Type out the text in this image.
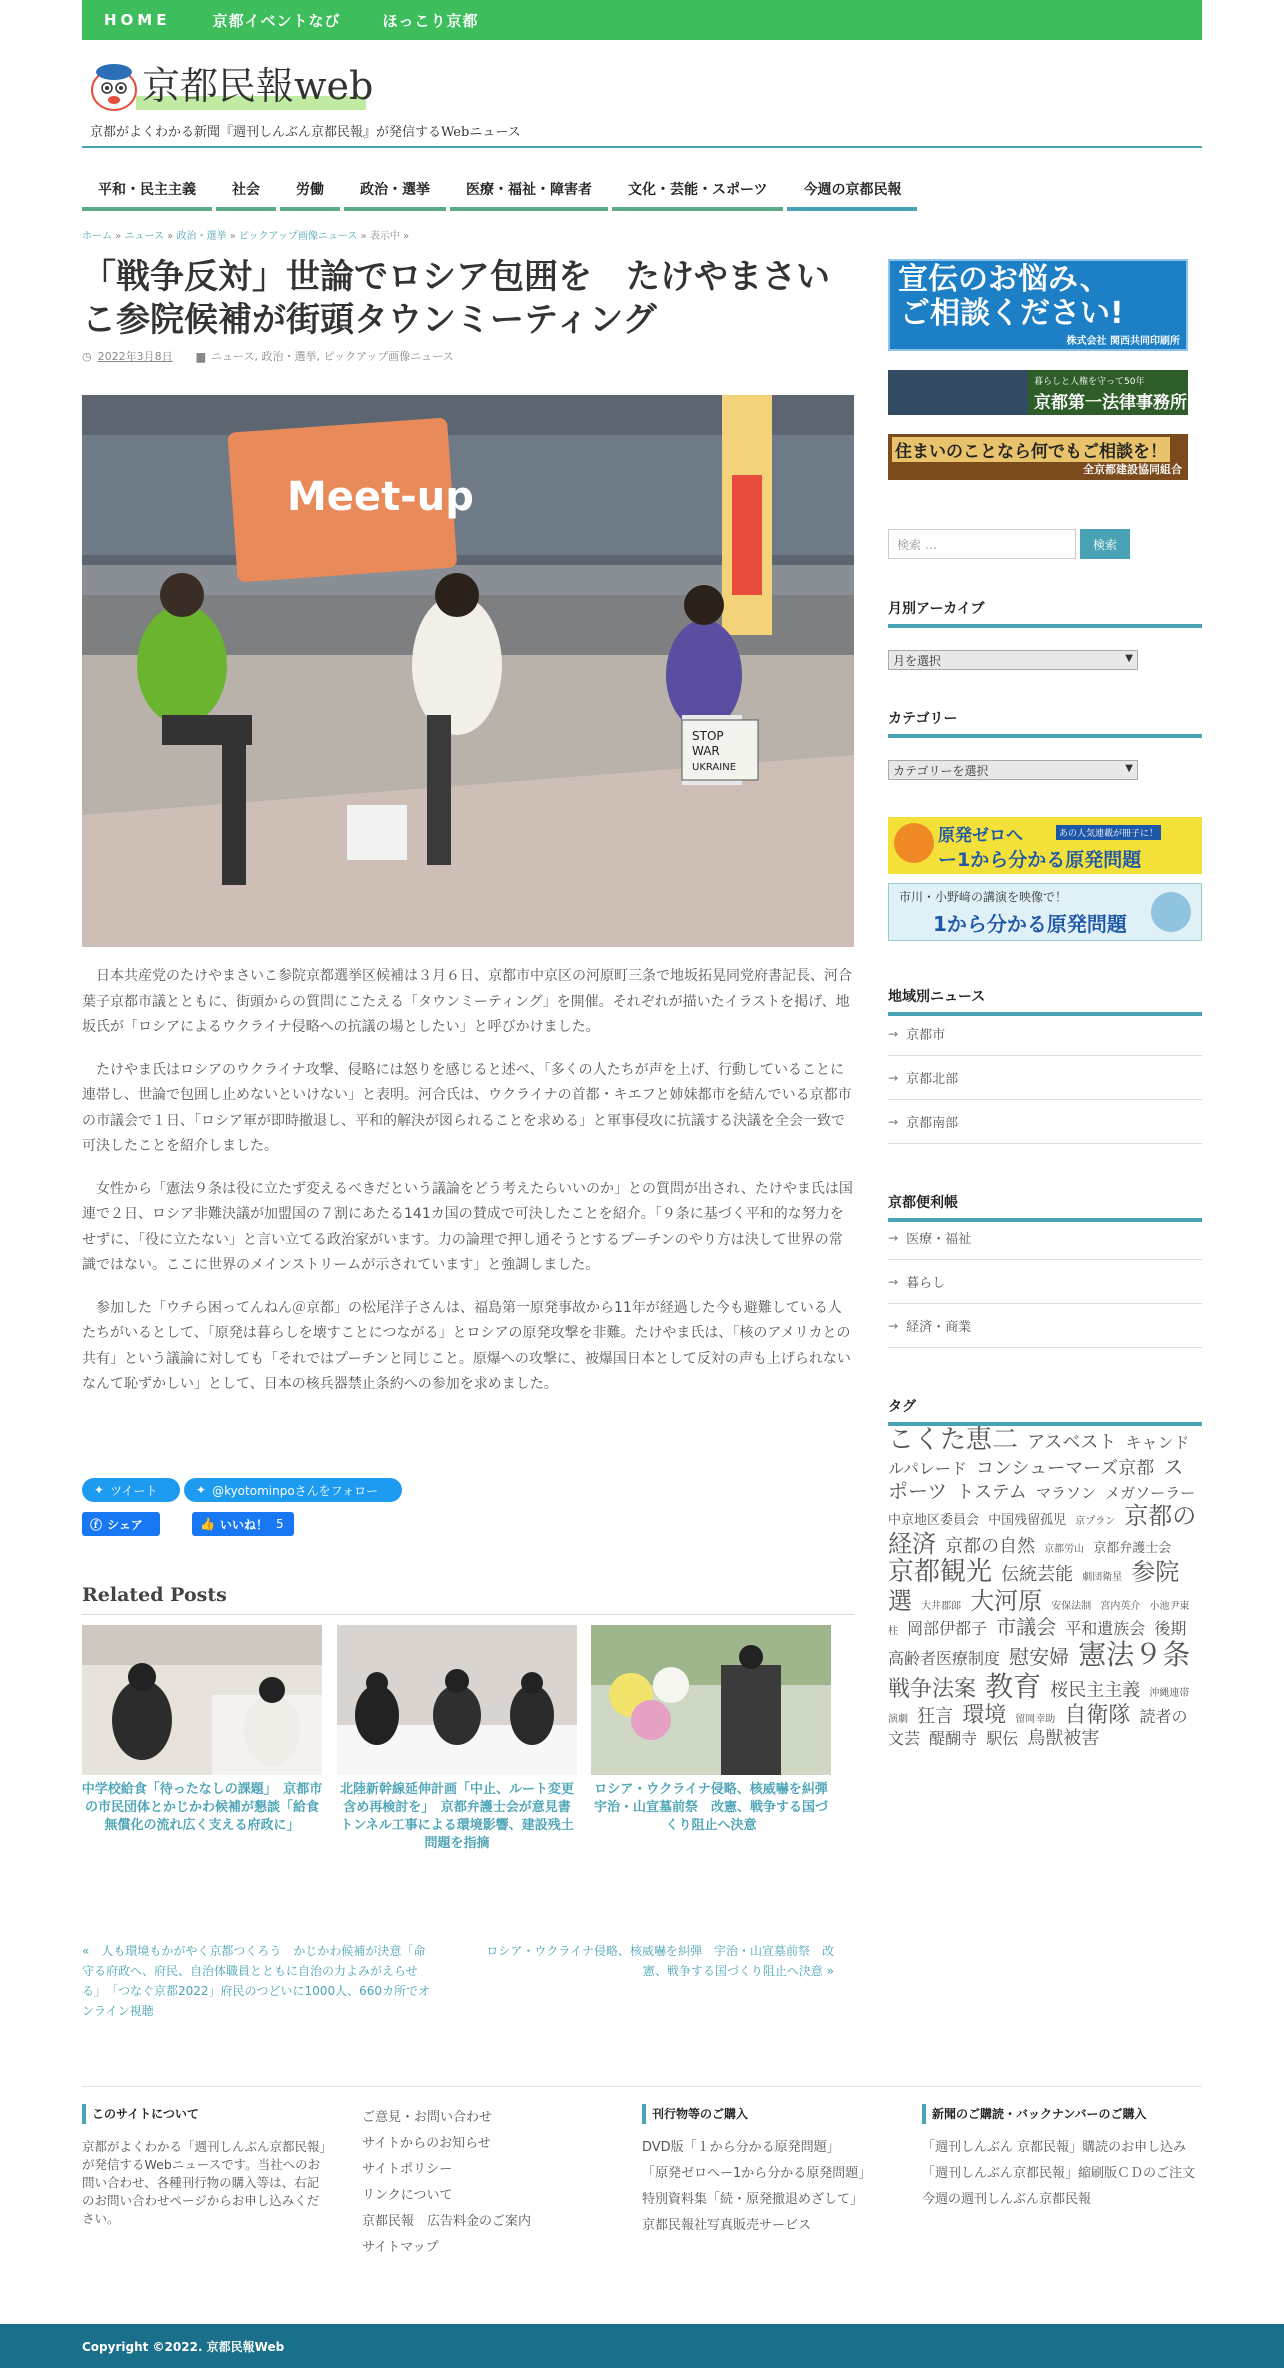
HOME	京都イベントなび	ほっこり京都
京都民報web
京都がよくわかる新聞『週刊しんぶん京都民報』が発信するWebニュース
平和・民主主義	社会	労働	政治・選挙	医療・福祉・障害者	文化・芸能・スポーツ	今週の京都民報
ホーム » ニュース » 政治・選挙 » ピックアップ画像ニュース » 表示中 »
「戦争反対」世論でロシア包囲を　たけやまさいこ参院候補が街頭タウンミーティング
◷ 2022年3月8日 ▆ ニュース, 政治・選挙, ピックアップ画像ニュース
Meet-up
STOP
WAR
UKRAINE

日本共産党のたけやまさいこ参院京都選挙区候補は３月６日、京都市中京区の河原町三条で地坂拓晃同党府書記長、河合葉子京都市議とともに、街頭からの質問にこたえる「タウンミーティング」を開催。それぞれが描いたイラストを掲げ、地坂氏が「ロシアによるウクライナ侵略への抗議の場としたい」と呼びかけました。

たけやま氏はロシアのウクライナ攻撃、侵略には怒りを感じると述べ、「多くの人たちが声を上げ、行動していることに連帯し、世論で包囲し止めないといけない」と表明。河合氏は、ウクライナの首都・キエフと姉妹都市を結んでいる京都市の市議会で１日、「ロシア軍が即時撤退し、平和的解決が図られることを求める」と軍事侵攻に抗議する決議を全会一致で可決したことを紹介しました。

女性から「憲法９条は役に立たず変えるべきだという議論をどう考えたらいいのか」との質問が出され、たけやま氏は国連で２日、ロシア非難決議が加盟国の７割にあたる141カ国の賛成で可決したことを紹介。「９条に基づく平和的な努力をせずに、「役に立たない」と言い立てる政治家がいます。力の論理で押し通そうとするプーチンのやり方は決して世界の常識ではない。ここに世界のメインストリームが示されています」と強調しました。

参加した「ウチら困ってんねん＠京都」の松尾洋子さんは、福島第一原発事故から11年が経過した今も避難している人たちがいるとして、「原発は暮らしを壊すことにつながる」とロシアの原発攻撃を非難。たけやま氏は、「核のアメリカとの共有」という議論に対しても「それではプーチンと同じこと。原爆への攻撃に、被爆国日本として反対の声も上げられないなんて恥ずかしい」として、日本の核兵器禁止条約への参加を求めました。

✦ ツイート	✦ @kyotominpoさんをフォロー
ⓕ シェア	👍 いいね！ 5
Related Posts
中学校給食「待ったなしの課題」　京都市の市民団体とかじかわ候補が懇談「給食無償化の流れ広く支える府政に」
北陸新幹線延伸計画「中止、ルート変更含め再検討を」　京都弁護士会が意見書　トンネル工事による環境影響、建設残土問題を指摘
ロシア・ウクライナ侵略、核威嚇を糾弾　宇治・山宣墓前祭　改憲、戦争する国づくり阻止へ決意
«　人も環境もかがやく京都つくろう　かじかわ候補が決意「命守る府政へ、府民、自治体職員とともに自治の力よみがえらせる」　「つなぐ京都2022」府民のつどいに1000人、660カ所でオンライン視聴
ロシア・ウクライナ侵略、核威嚇を糾弾　宇治・山宣墓前祭　改憲、戦争する国づくり阻止へ決意 »
宣伝のお悩み、
ご相談ください!
株式会社 関西共同印刷所
暮らしと人権を守って50年
京都第一法律事務所
住まいのことなら何でもご相談を！
全京都建設協同組合
検索 …	検索
月別アーカイブ
月を選択	▼
カテゴリー
カテゴリーを選択	▼
原発ゼロへ	あの人気連載が冊子に！
ー1から分かる原発問題
市川・小野﨑の講演を映像で！
1から分かる原発問題
地域別ニュース
→ 京都市
→ 京都北部
→ 京都南部
京都便利帳
→ 医療・福祉
→ 暮らし
→ 経済・商業
タグ
こくた恵二 アスベスト キャンドルパレード コンシューマーズ京都 スポーツ トステム マラソン メガソーラー 中京地区委員会 中国残留孤児 京プラン 京都の経済 京都の自然 京都労山 京都弁護士会 京都観光 伝統芸能 劇団衛星 参院選 大井郡郎 大河原 安保法制 宮内英介 小池尹東柱 岡部伊都子 市議会 平和遺族会 後期高齢者医療制度 慰安婦 憲法９条 戦争法案 教育 桜民主主義 沖縄連帯 演劇 狂言 環境 留岡幸助 自衛隊 読者の文芸 醍醐寺 駅伝 鳥獣被害
このサイトについて
京都がよくわかる「週刊しんぶん京都民報」が発信するWebニュースです。当社へのお問い合わせ、各種刊行物の購入等は、右記のお問い合わせページからお申し込みください。
ご意見・お問い合わせ
サイトからのお知らせ
サイトポリシー
リンクについて
京都民報　広告料金のご案内
サイトマップ
刊行物等のご購入
DVD版「１から分かる原発問題」
「原発ゼロへー1から分かる原発問題」
特別資料集「続・原発撤退めざして」
京都民報社写真販売サービス
新聞のご購読・バックナンバーのご購入
「週刊しんぶん 京都民報」購読のお申し込み
「週刊しんぶん京都民報」縮刷版ＣＤのご注文
今週の週刊しんぶん京都民報
Copyright ©2022. 京都民報Web
